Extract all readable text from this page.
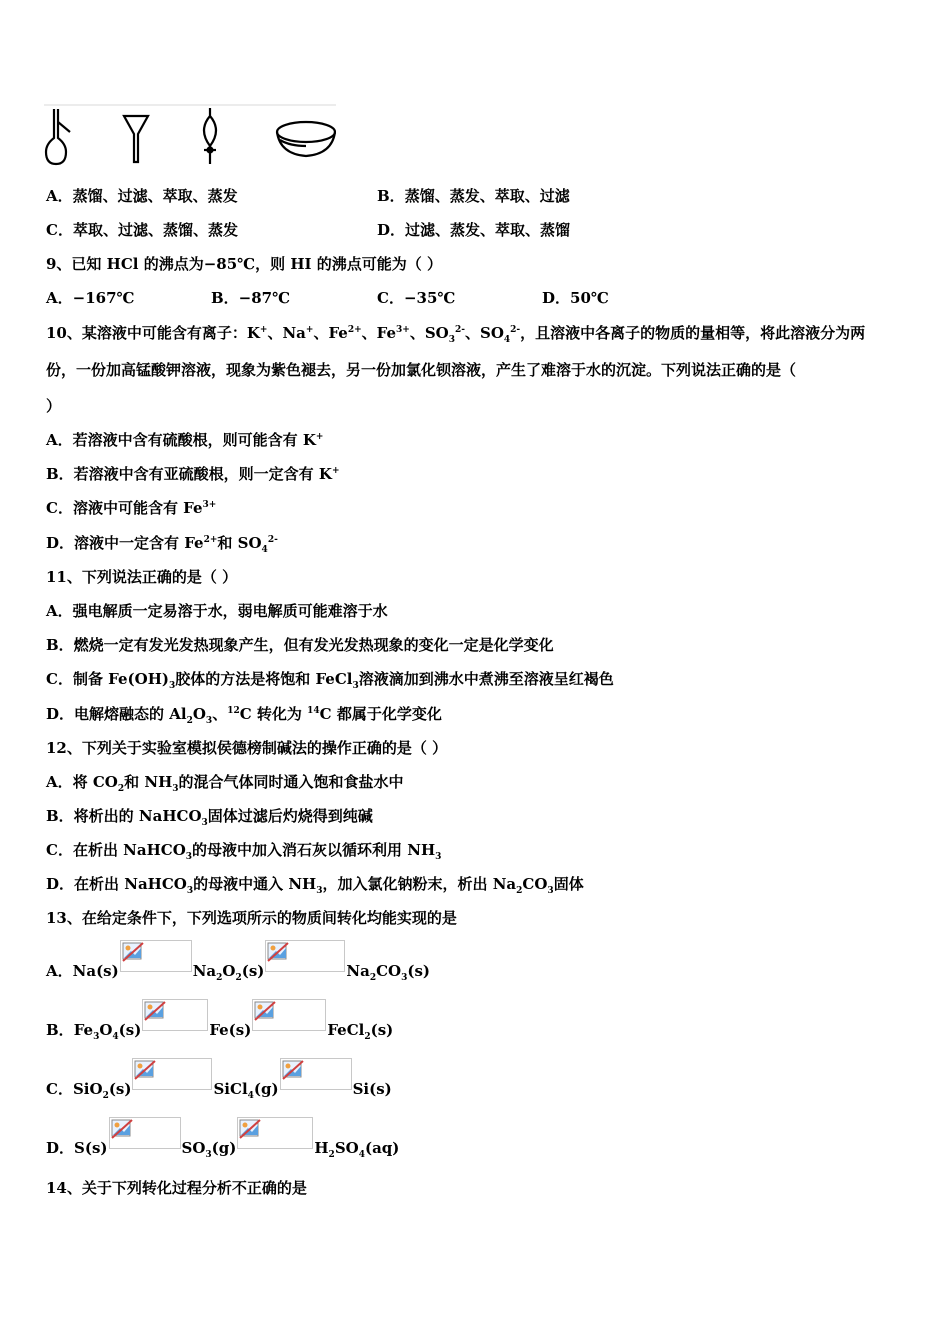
A．蒸馏、过滤、萃取、蒸发	B．蒸馏、蒸发、萃取、过滤
C．萃取、过滤、蒸馏、蒸发	D．过滤、蒸发、萃取、蒸馏
9、已知 HCl 的沸点为−85℃，则 HI 的沸点可能为（ ）
A．−167℃	B．−87℃	C．−35℃	D．50℃
10、某溶液中可能含有离子：K+、Na+、$Fe^{2+}$、$Fe^{3+}$、$SO_3^{2-}$、$SO_4^{2-}$，且溶液中各离子的物质的量相等，将此溶液分为两
份，一份加高锰酸钾溶液，现象为紫色褪去，另一份加氯化钡溶液，产生了难溶于水的沉淀。下列说法正确的是（
）
A．若溶液中含有硫酸根，则可能含有 K+
B．若溶液中含有亚硫酸根，则一定含有 K+
C．溶液中可能含有 $Fe^{3+}$
D．溶液中一定含有 $Fe^{2+}$和 $SO_4^{2-}$
11、下列说法正确的是（ ）
A．强电解质一定易溶于水，弱电解质可能难溶于水
B．燃烧一定有发光发热现象产生，但有发光发热现象的变化一定是化学变化
C．制备 $Fe(OH)_3$胶体的方法是将饱和 FeCl$_3$溶液滴加到沸水中煮沸至溶液呈红褐色
D．电解熔融态的 $Al_2O_3$、$^{12}$C 转化为 $^{14}$C 都属于化学变化
12、下列关于实验室模拟侯德榜制碱法的操作正确的是（ ）
A．将 $CO_2$和 $NH_3$的混合气体同时通入饱和食盐水中
B．将析出的 NaHCO$_3$固体过滤后灼烧得到纯碱
C．在析出 NaHCO$_3$的母液中加入消石灰以循环利用 $NH_3$
D．在析出 NaHCO$_3$的母液中通入 $NH_3$，加入氯化钠粉末，析出 $Na_2CO_3$固体
13、在给定条件下，下列选项所示的物质间转化均能实现的是
A．Na(s)	$Na_2O_2(s)$	$Na_2CO_3(s)$
B．$Fe_3O_4(s)$	Fe(s)	FeCl$_2$(s)
C．SiO$_2$(s)	SiCl$_4$(g)	Si(s)
D．S(s)	$SO_3(g)$	$H_2SO_4(aq)$
14、关于下列转化过程分析不正确的是
